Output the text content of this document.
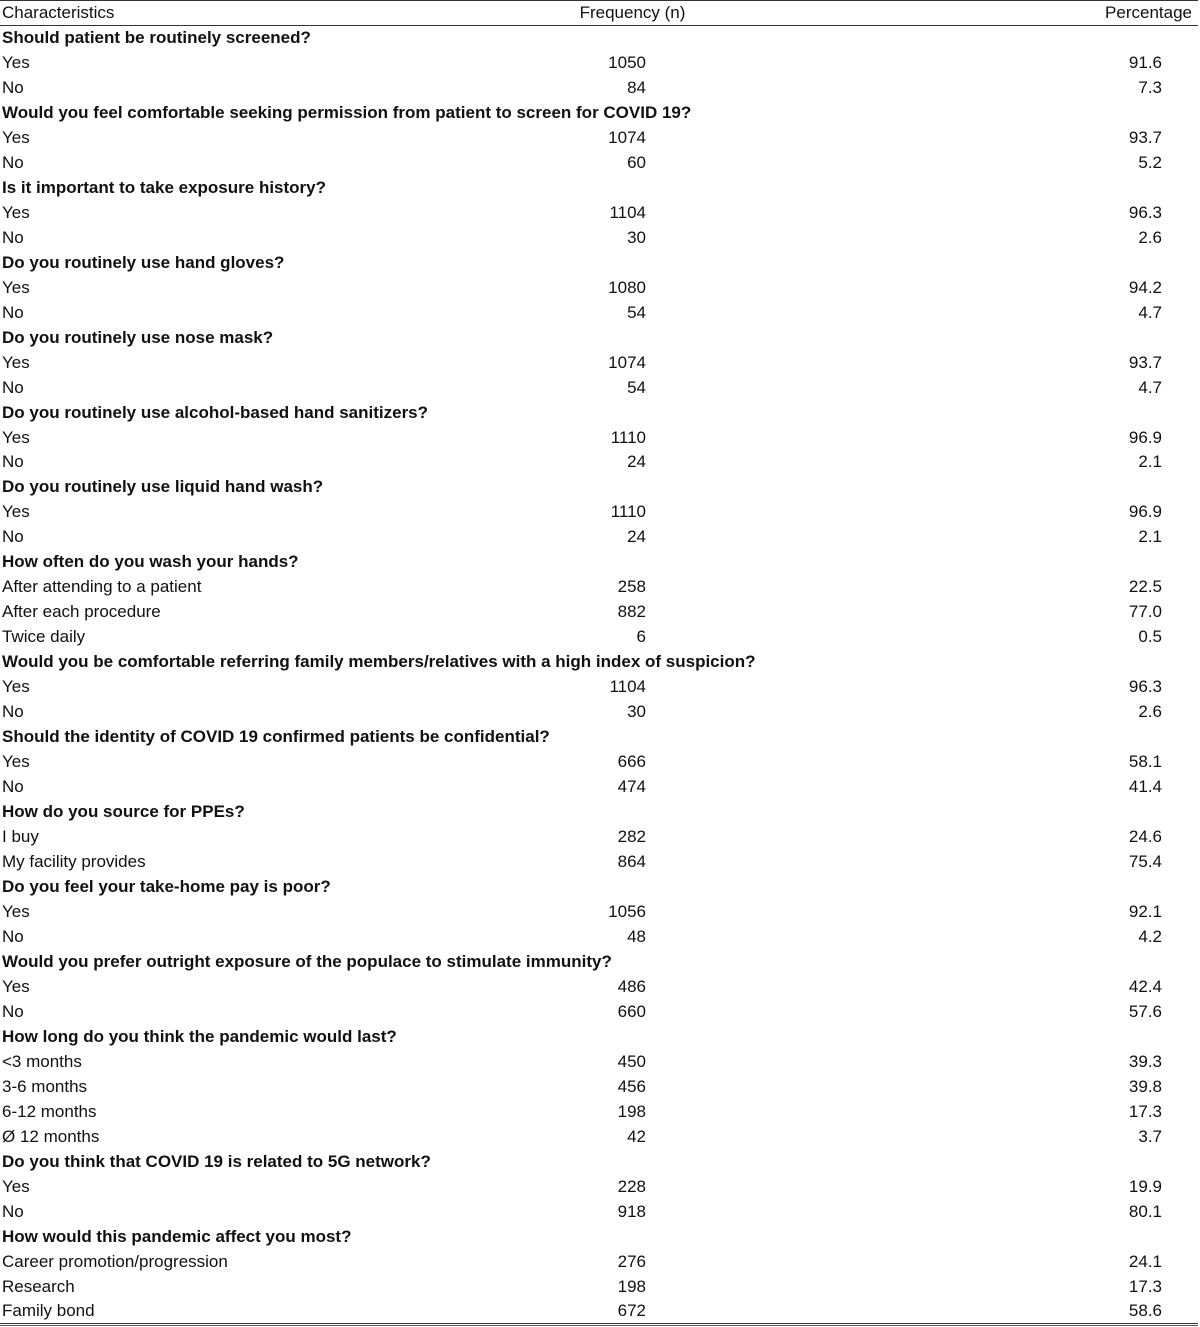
Characteristics	Frequency (n)	Percentage
Should patient be routinely screened?
Yes	1050	91.6
No	84	7.3
Would you feel comfortable seeking permission from patient to screen for COVID 19?
Yes	1074	93.7
No	60	5.2
Is it important to take exposure history?
Yes	1104	96.3
No	30	2.6
Do you routinely use hand gloves?
Yes	1080	94.2
No	54	4.7
Do you routinely use nose mask?
Yes	1074	93.7
No	54	4.7
Do you routinely use alcohol-based hand sanitizers?
Yes	1110	96.9
No	24	2.1
Do you routinely use liquid hand wash?
Yes	1110	96.9
No	24	2.1
How often do you wash your hands?
After attending to a patient	258	22.5
After each procedure	882	77.0
Twice daily	6	0.5
Would you be comfortable referring family members/relatives with a high index of suspicion?
Yes	1104	96.3
No	30	2.6
Should the identity of COVID 19 confirmed patients be confidential?
Yes	666	58.1
No	474	41.4
How do you source for PPEs?
I buy	282	24.6
My facility provides	864	75.4
Do you feel your take-home pay is poor?
Yes	1056	92.1
No	48	4.2
Would you prefer outright exposure of the populace to stimulate immunity?
Yes	486	42.4
No	660	57.6
How long do you think the pandemic would last?
<3 months	450	39.3
3-6 months	456	39.8
6-12 months	198	17.3
Ø 12 months	42	3.7
Do you think that COVID 19 is related to 5G network?
Yes	228	19.9
No	918	80.1
How would this pandemic affect you most?
Career promotion/progression	276	24.1
Research	198	17.3
Family bond	672	58.6
